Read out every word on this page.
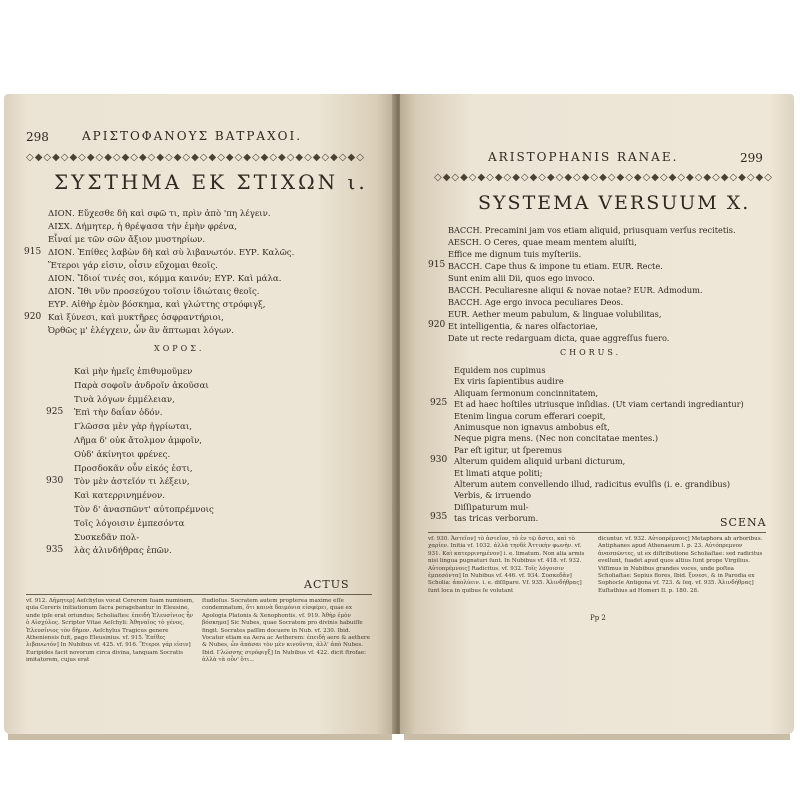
298	ΑΡΙΣΤΟΦΑΝΟΥΣ ΒΑΤΡΑΧΟΙ.
◇◆◇◆◇◆◇◆◇◆◇◆◇◆◇◆◇◆◇◆◇◆◇◆◇◆◇◆◇◆◇◆◇◆◇◆◇◆◇
ΣΥΣΤΗΜΑ ΕΚ ΣΤΙΧΩΝ ι.
ΔΙΟΝ. Εὔχεσθε δὴ καὶ σφῶ τι, πρὶν ἀπὸ 'πη λέγειν.
ΑΙΣΧ. Δήμητερ, ἡ θρέψασα τὴν ἐμὴν φρένα,
Εἶναί με τῶν σῶν ἄξιον μυστηρίων.
915 ΔΙΟΝ. Ἐπίθες λαβὼν δὴ καὶ σὺ λιβανωτόν. ΕΥΡ. Καλῶς.
Ἕτεροι γάρ εἰσιν, οἷσιν εὔχομαι θεοῖς.
ΔΙΟΝ. Ἴδιοί τινές σοι, κόμμα καινόν; ΕΥΡ. Καὶ μάλα.
ΔΙΟΝ. Ἴθι νῦν προσεύχου τοῖσιν ἰδιώταις θεοῖς.
ΕΥΡ. Αἰθὴρ ἐμὸν βόσκημα, καὶ γλώττης στρόφιγξ,
920 Καὶ ξύνεσι, καὶ μυκτῆρες ὀσφραντήριοι,
Ὀρθῶς μ' ἐλέγχειν, ὧν ἂν ἅπτωμαι λόγων.
ΧΟΡΟΣ.
Καὶ μὴν ἡμεῖς ἐπιθυμοῦμεν
Παρὰ σοφοῖν ἀνδροῖν ἀκοῦσαι
Τινὰ λόγων ἐμμέλειαν,
925 Ἐπὶ τὴν δαΐαν ὁδόν.
Γλῶσσα μὲν γὰρ ἠγρίωται,
Λῆμα δ' οὐκ ἄτολμον ἀμφοῖν,
Οὐδ' ἀκίνητοι φρένες.
Προσδοκᾶν οὖν εἰκός ἐστι,
930 Τὸν μὲν ἀστεῖόν τι λέξειν,
Καὶ κατερρινημένον.
Τὸν δ' ἀνασπῶντ' αὐτοπρέμνοις
Τοῖς λόγοισιν ἐμπεσόντα
Συσκεδᾶν πολ-
935 λὰς ἀλινδήθρας ἐπῶν.
ACTUS
vf. 912. Δήμητερ] Aeſchylus vocat Cererem ſuam numinem, quia Cereris initiationum ſacra peragebantur in Eleusine, unde ipſe erat oriundus; Scholiaſtes: ἐπειδὴ Ἐλευσίνιος ἦν ὁ Αἰσχύλος. Scriptor Vitae Aeſchyli: Ἀθηναῖος τὸ γένος, Ἐλευσίνιος τὸν δῆμον. Aeſchylus Tragicus genere Atheniensis fuit, pago Eleusinius. vf. 915. Ἐπίθες λιβανωτόν] In Nubibus vf. 425. vf. 916. Ἕτεροι γάρ εἰσιν] Euripides facit novorum circa divina, tanquam Socratis imitatorem, cujus erat
ſtudioſus. Socratem autem propterea maxime eſſe condemnatum, ὅτι καινὰ δαιμόνια εἰσφέρει, quae ex Apologia Platonis & Xenophontis. vf. 919. Ἀθὴρ ἐμὸν βόσκημα] Sic Nubes, quae Socratem pro divinis habuiſſe fingit. Socrates paſſim docuere in Nub. vf. 230. Ibid. Vocatur etiam ea Aera ac Aetherem: ἐπειδὴ aere & aethere & Nubes, ὧν ἁπάσαι τὸν μὲν κινοῦντα, ἀλλ' ἀπὸ Nubes. Ibid. Γλώσσης στρόφιγξ] In Nubibus vf. 422. dicit ſtrofae: ἀλλὰ τὰ οὖν' ὅτι...
ARISTOPHANIS RANAE.	299
◇◆◇◆◇◆◇◆◇◆◇◆◇◆◇◆◇◆◇◆◇◆◇◆◇◆◇◆◇◆◇◆◇◆◇◆◇◆◇
SYSTEMA VERSUUM X.
BACCH. Precamini jam vos etiam aliquid, priusquam verſus recitetis.
AESCH. O Ceres, quae meam mentem aluiſti,
Effice me dignum tuis myſteriis.
915 BACCH. Cape thus & impone tu etiam. EUR. Recte.
Sunt enim alii Dii, quos ego invoco.
BACCH. Peculiaresne aliqui & novae notae? EUR. Admodum.
BACCH. Age ergo invoca peculiares Deos.
EUR. Aether meum pabulum, & linguae volubilitas,
920 Et intelligentia, & nares olfactoriae,
Date ut recte redarguam dicta, quae aggreſſus fuero.
CHORUS.
Equidem nos cupimus
Ex viris ſapientibus audire
Aliquam ſermonum concinnitatem,
925 Et ad haec hoſtiles utriusque inſidias. (Ut viam certandi ingrediantur)
Etenim lingua corum efferari coepit,
Animusque non ignavus ambobus eſt,
Neque pigra mens. (Nec non concitatae mentes.)
Par eſt igitur, ut ſperemus
930 Alterum quidem aliquid urbani dicturum,
Et limati atque politi;
Alterum autem convellendo illud, radicitus evulſis (i. e. grandibus)
Verbis, & irruendo
Diſſipaturum mul-
935 tas tricas verborum.	SCENA
vf. 930. Ἀστεῖον] τὸ ἀστεῖον, τὸ ἐν τῷ ἄστει, καὶ τὸ χαρίεν. Initia vf. 1032. ἀλλὰ τηνδὲ Ἀττικὴν φωνὴν. vf. 931. Καὶ κατερρινημένον] i. e. limatum. Non alia armis nisi lingua pugnaturi ſunt. In Nubibus vf. 418. vf. 932. Αὐτοπρέμνοις] Radicitus. vf. 932. Τοῖς λόγοισιν ἐμπεσόντα] In Nubibus vf. 446. vf. 934. Συσκεδᾶν] Scholia: ἀπολύειν. i. e. diſſipare. Vf. 935. Ἀλινδήθρας] ſunt loca in quibus ſe volutant
dicuntur. vf. 932. Αὐτοπρέμνοις] Metaphora ab arboribus. Antiphanes apud Athenaeum l. p. 23. Αὐτόπρεμνον ἀνασπῶντες, ut ex diſtributione Scholiaſtae: sed radicitus evellunt, ſuadet apud quos altius ſunt prope Virgilius. Viſſimus in Nubibus grandes voces, unde poſtea Scholiaſtae: Sepius flores, Ibid. ξυνεσι, & in Parodia ex Sophocle Antigona vf. 723. & ſeq. vf. 935. Ἀλινδήθρας] Euſtathius ad Homeri Il. p. 180. 28.
Pp 2
